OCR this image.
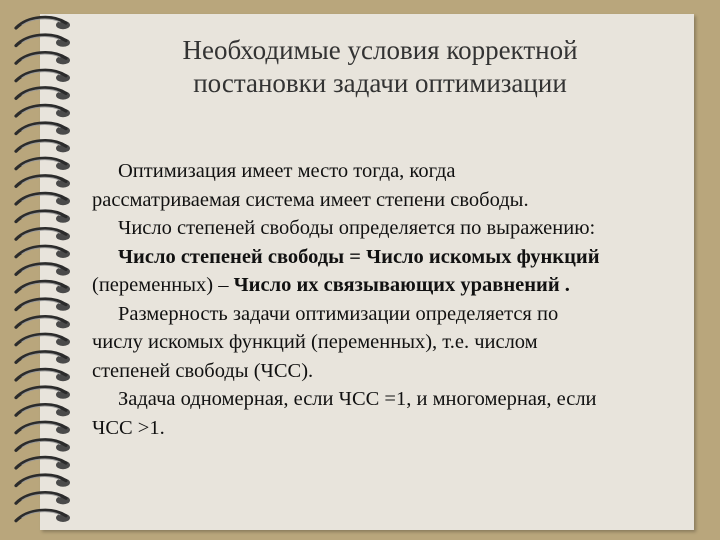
Необходимые условия корректной
постановки задачи оптимизации
Оптимизация имеет место тогда, когда
рассматриваемая система имеет степени свободы.
Число степеней свободы определяется по выражению:
Число степеней свободы = Число искомых функций
(переменных) – Число их связывающих уравнений .
Размерность задачи оптимизации определяется по
числу искомых функций (переменных), т.е. числом
степеней свободы (ЧСС).
Задача одномерная, если ЧСС =1, и многомерная, если
ЧСС >1.
